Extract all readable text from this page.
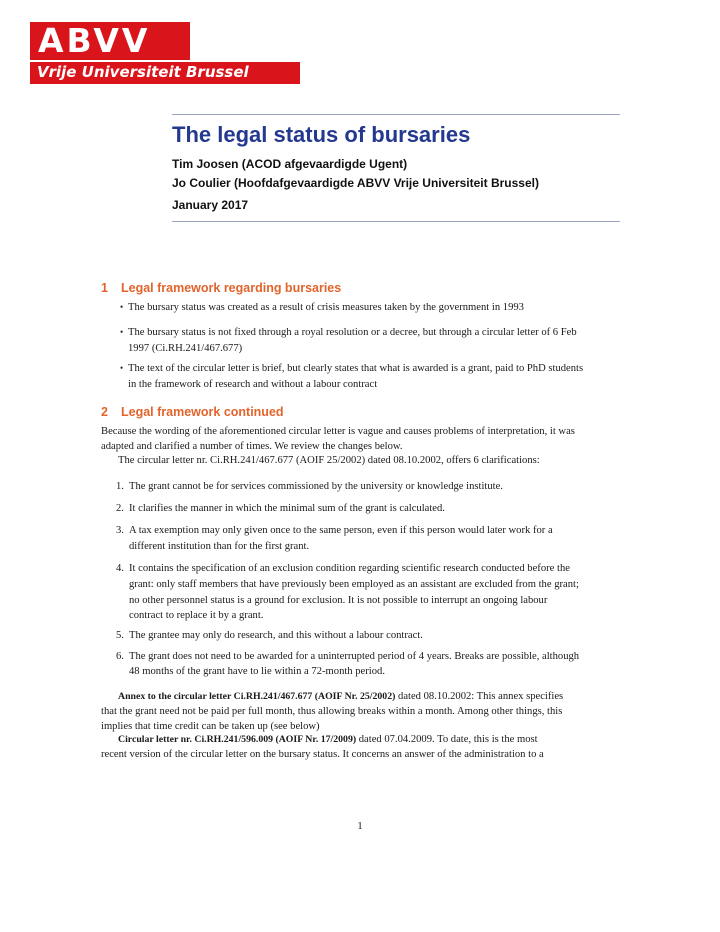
ABVV
Vrije Universiteit Brussel
The legal status of bursaries
Tim Joosen (ACOD afgevaardigde Ugent)
Jo Coulier (Hoofdafgevaardigde ABVV Vrije Universiteit Brussel)
January 2017
1 Legal framework regarding bursaries
• The bursary status was created as a result of crisis measures taken by the government in 1993
• The bursary status is not fixed through a royal resolution or a decree, but through a circular letter of 6 Feb
1997 (Ci.RH.241/467.677)
• The text of the circular letter is brief, but clearly states that what is awarded is a grant, paid to PhD students
in the framework of research and without a labour contract
2 Legal framework continued
Because the wording of the aforementioned circular letter is vague and causes problems of interpretation, it was
adapted and clarified a number of times. We review the changes below.
The circular letter nr. Ci.RH.241/467.677 (AOIF 25/2002) dated 08.10.2002, offers 6 clarifications:
1. The grant cannot be for services commissioned by the university or knowledge institute.
2. It clarifies the manner in which the minimal sum of the grant is calculated.
3. A tax exemption may only given once to the same person, even if this person would later work for a
different institution than for the first grant.
4. It contains the specification of an exclusion condition regarding scientific research conducted before the
grant: only staff members that have previously been employed as an assistant are excluded from the grant;
no other personnel status is a ground for exclusion. It is not possible to interrupt an ongoing labour
contract to replace it by a grant.
5. The grantee may only do research, and this without a labour contract.
6. The grant does not need to be awarded for a uninterrupted period of 4 years. Breaks are possible, although
48 months of the grant have to lie within a 72-month period.
Annex to the circular letter Ci.RH.241/467.677 (AOIF Nr. 25/2002) dated 08.10.2002: This annex specifies
that the grant need not be paid per full month, thus allowing breaks within a month. Among other things, this
implies that time credit can be taken up (see below)
Circular letter nr. Ci.RH.241/596.009 (AOIF Nr. 17/2009) dated 07.04.2009. To date, this is the most
recent version of the circular letter on the bursary status. It concerns an answer of the administration to a
1
